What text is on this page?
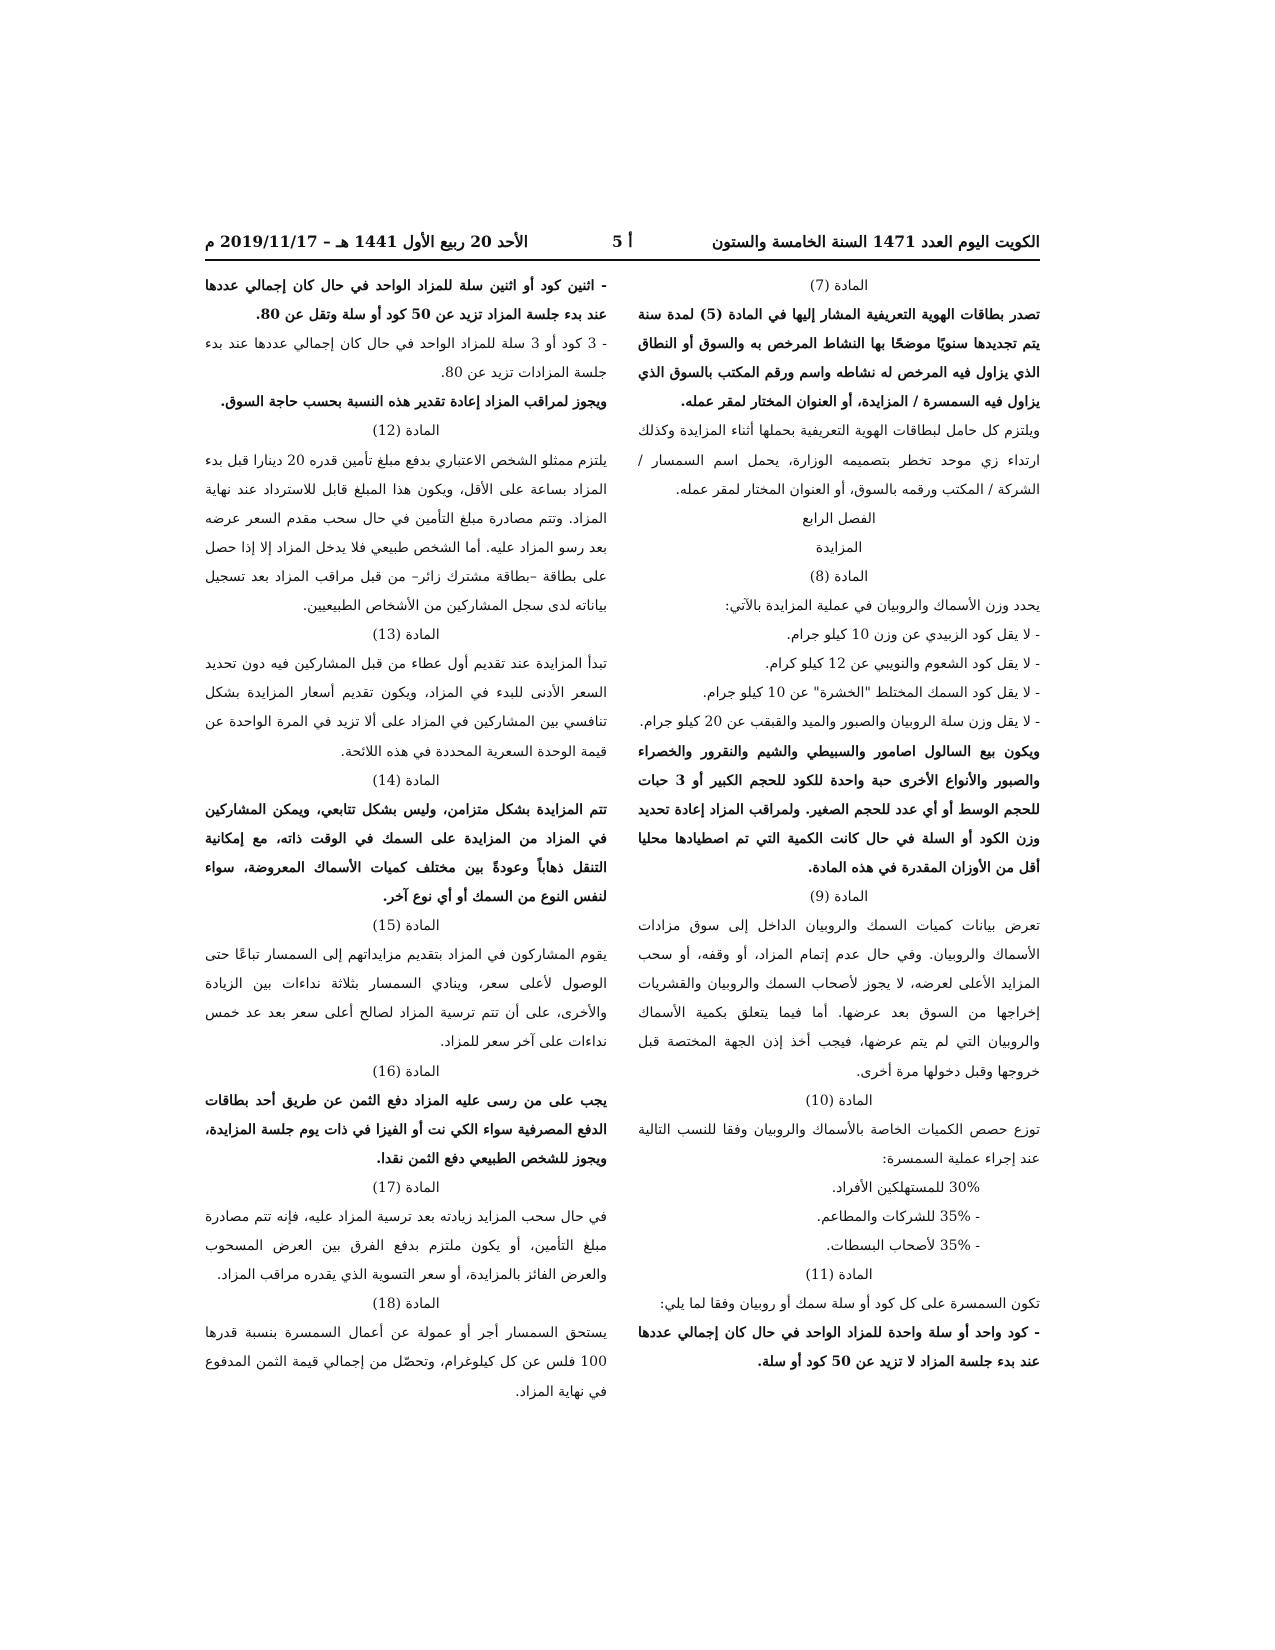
الكويت اليوم العدد 1471 السنة الخامسة والستون
أ 5
الأحد 20 ربيع الأول 1441 هـ – 2019/11/17 م

المادة (7)

تصدر بطاقات الهوية التعريفية المشار إليها في المادة (5) لمدة سنة يتم تجديدها سنويًا موضحًا بها النشاط المرخص به والسوق أو النطاق الذي يزاول فيه المرخص له نشاطه واسم ورقم المكتب بالسوق الذي يزاول فيه السمسرة / المزايدة، أو العنوان المختار لمقر عمله.

ويلتزم كل حامل لبطاقات الهوية التعريفية بحملها أثناء المزايدة وكذلك ارتداء زي موحد تخطر بتصميمه الوزارة، يحمل اسم السمسار / الشركة / المكتب ورقمه بالسوق، أو العنوان المختار لمقر عمله.

الفصل الرابع

المزايدة

المادة (8)

يحدد وزن الأسماك والروبيان في عملية المزايدة بالآتي:

- لا يقل كود الزبيدي عن وزن 10 كيلو جرام.

- لا يقل كود الشعوم والنويبي عن 12 كيلو كرام.

- لا يقل كود السمك المختلط "الخشرة" عن 10 كيلو جرام.

- لا يقل وزن سلة الروبيان والصبور والميد والقبقب عن 20 كيلو جرام.

ويكون بيع السالول اصامور والسبيطي والشيم والنقرور والخصراء والصبور والأنواع الأخرى حبة واحدة للكود للحجم الكبير أو 3 حبات للحجم الوسط أو أي عدد للحجم الصغير. ولمراقب المزاد إعادة تحديد وزن الكود أو السلة في حال كانت الكمية التي تم اصطيادها محليا أقل من الأوزان المقدرة في هذه المادة.

المادة (9)

تعرض بيانات كميات السمك والروبيان الداخل إلى سوق مزادات الأسماك والروبيان. وفي حال عدم إتمام المزاد، أو وقفه، أو سحب المزايد الأعلى لعرضه، لا يجوز لأصحاب السمك والروبيان والقشريات إخراجها من السوق بعد عرضها. أما فيما يتعلق بكمية الأسماك والروبيان التي لم يتم عرضها، فيجب أخذ إذن الجهة المختصة قبل خروجها وقبل دخولها مرة أخرى.

المادة (10)

توزع حصص الكميات الخاصة بالأسماك والروبيان وفقا للنسب التالية عند إجراء عملية السمسرة:

30% للمستهلكين الأفراد.

- 35% للشركات والمطاعم.

- 35% لأصحاب البسطات.

المادة (11)

تكون السمسرة على كل كود أو سلة سمك أو روبيان وفقا لما يلي:

- كود واحد أو سلة واحدة للمزاد الواحد في حال كان إجمالي عددها عند بدء جلسة المزاد لا تزيد عن 50 كود أو سلة.

- اثنين كود أو اثنين سلة للمزاد الواحد في حال كان إجمالي عددها عند بدء جلسة المزاد تزيد عن 50 كود أو سلة وتقل عن 80.

- 3 كود أو 3 سلة للمزاد الواحد في حال كان إجمالي عددها عند بدء جلسة المزادات تزيد عن 80.

ويجوز لمراقب المزاد إعادة تقدير هذه النسبة بحسب حاجة السوق.

المادة (12)

يلتزم ممثلو الشخص الاعتباري بدفع مبلغ تأمين قدره 20 دينارا قبل بدء المزاد بساعة على الأقل، ويكون هذا المبلغ قابل للاسترداد عند نهاية المزاد. وتتم مصادرة مبلغ التأمين في حال سحب مقدم السعر عرضه بعد رسو المزاد عليه. أما الشخص طبيعي فلا يدخل المزاد إلا إذا حصل على بطاقة –بطاقة مشترك زائر– من قبل مراقب المزاد بعد تسجيل بياناته لدى سجل المشاركين من الأشخاص الطبيعيين.

المادة (13)

تبدأ المزايدة عند تقديم أول عطاء من قبل المشاركين فيه دون تحديد السعر الأدنى للبدء في المزاد، ويكون تقديم أسعار المزايدة بشكل تنافسي بين المشاركين في المزاد على ألا تزيد في المرة الواحدة عن قيمة الوحدة السعرية المحددة في هذه اللائحة.

المادة (14)

تتم المزايدة بشكل متزامن، وليس بشكل تتابعي، ويمكن المشاركين في المزاد من المزايدة على السمك في الوقت ذاته، مع إمكانية التنقل ذهاباً وعودةً بين مختلف كميات الأسماك المعروضة، سواء لنفس النوع من السمك أو أي نوع آخر.

المادة (15)

يقوم المشاركون في المزاد بتقديم مزايداتهم إلى السمسار تباعًا حتى الوصول لأعلى سعر، وينادي السمسار بثلاثة نداءات بين الزيادة والأخرى، على أن تتم ترسية المزاد لصالح أعلى سعر بعد عد خمس نداءات على آخر سعر للمزاد.

المادة (16)

يجب على من رسى عليه المزاد دفع الثمن عن طريق أحد بطاقات الدفع المصرفية سواء الكي نت أو الفيزا في ذات يوم جلسة المزايدة، ويجوز للشخص الطبيعي دفع الثمن نقدا.

المادة (17)

في حال سحب المزايد زيادته بعد ترسية المزاد عليه، فإنه تتم مصادرة مبلغ التأمين، أو يكون ملتزم بدفع الفرق بين العرض المسحوب والعرض الفائز بالمزايدة، أو سعر التسوية الذي يقدره مراقب المزاد.

المادة (18)

يستحق السمسار أجر أو عمولة عن أعمال السمسرة بنسبة قدرها 100 فلس عن كل كيلوغرام، وتحصّل من إجمالي قيمة الثمن المدفوع في نهاية المزاد.
